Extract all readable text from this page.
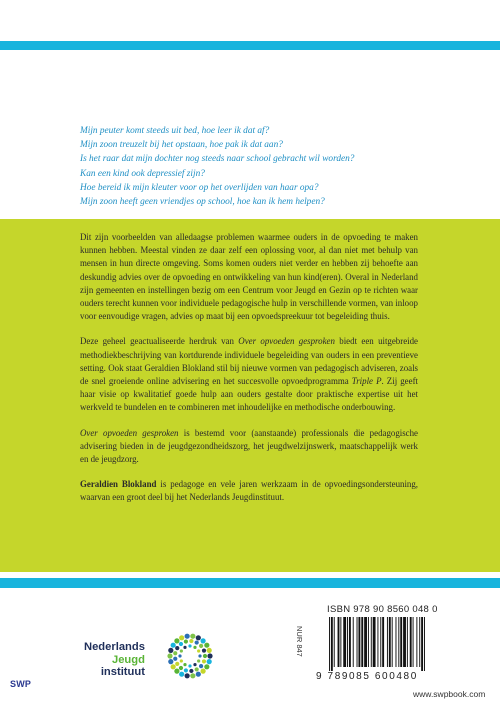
Mijn peuter komt steeds uit bed, hoe leer ik dat af?
Mijn zoon treuzelt bij het opstaan, hoe pak ik dat aan?
Is het raar dat mijn dochter nog steeds naar school gebracht wil worden?
Kan een kind ook depressief zijn?
Hoe bereid ik mijn kleuter voor op het overlijden van haar opa?
Mijn zoon heeft geen vriendjes op school, hoe kan ik hem helpen?

Dit zijn voorbeelden van alledaagse problemen waarmee ouders in de opvoeding te maken kunnen hebben. Meestal vinden ze daar zelf een oplossing voor, al dan niet met behulp van mensen in hun directe omgeving. Soms komen ouders niet verder en hebben zij behoefte aan deskundig advies over de opvoeding en ontwikkeling van hun kind(eren). Overal in Nederland zijn gemeenten en instellingen bezig om een Centrum voor Jeugd en Gezin op te richten waar ouders terecht kunnen voor individuele pedagogische hulp in verschillende vormen, van inloop voor eenvoudige vragen, advies op maat bij een opvoedspreekuur tot begeleiding thuis.

Deze geheel geactualiseerde herdruk van Over opvoeden gesproken biedt een uitgebreide methodiekbeschrijving van kortdurende individuele begeleiding van ouders in een preventieve setting. Ook staat Geraldien Blokland stil bij nieuwe vormen van pedagogisch adviseren, zoals de snel groeiende online advisering en het succesvolle opvoedprogramma Triple P. Zij geeft haar visie op kwalitatief goede hulp aan ouders gestalte door praktische expertise uit het werkveld te bundelen en te combineren met inhoudelijke en methodische onderbouwing.

Over opvoeden gesproken is bestemd voor (aanstaande) professionals die pedagogische advisering bieden in de jeugdgezondheidszorg, het jeugdwelzijnswerk, maatschappelijk werk en de jeugdzorg.

Geraldien Blokland is pedagoge en vele jaren werkzaam in de opvoedingsondersteuning, waarvan een groot deel bij het Nederlands Jeugdinstituut.

Nederlands
Jeugd
instituut
SWP
NUR 847
ISBN 978 90 8560 048 0
9 789085 600480
www.swpbook.com
